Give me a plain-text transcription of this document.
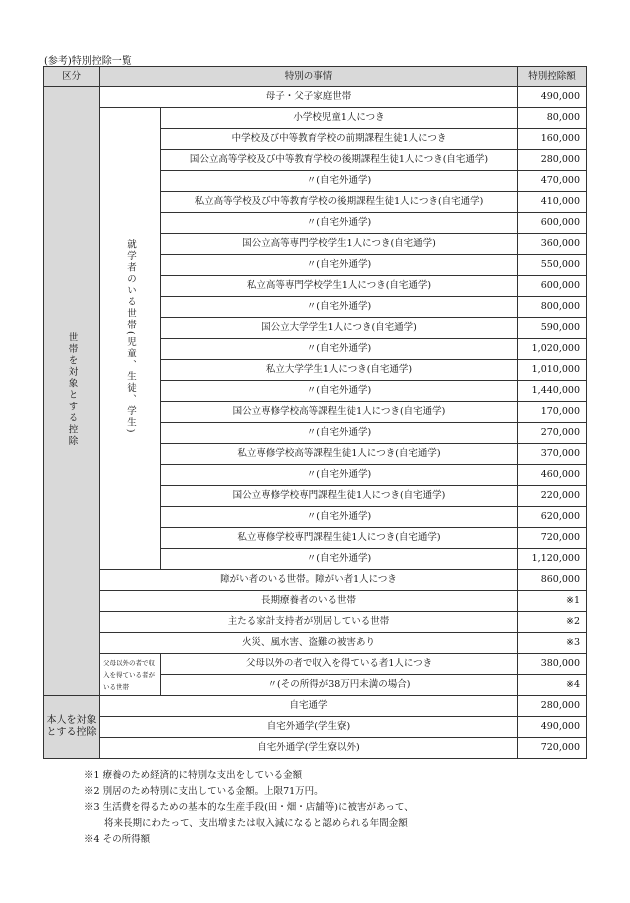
(参考)特別控除一覧
区分	特別の事情		特別控除額
世帯を対象とする控除	母子・父子家庭世帯		490,000
	就学者のいる世帯(児童、生徒、学生)	小学校児童1人につき	80,000
		中学校及び中等教育学校の前期課程生徒1人につき	160,000
		国公立高等学校及び中等教育学校の後期課程生徒1人につき(自宅通学)	280,000
		〃(自宅外通学)	470,000
		私立高等学校及び中等教育学校の後期課程生徒1人につき(自宅通学)	410,000
		〃(自宅外通学)	600,000
		国公立高等専門学校学生1人につき(自宅通学)	360,000
		〃(自宅外通学)	550,000
		私立高等専門学校学生1人につき(自宅通学)	600,000
		〃(自宅外通学)	800,000
		国公立大学学生1人につき(自宅通学)	590,000
		〃(自宅外通学)	1,020,000
		私立大学学生1人につき(自宅通学)	1,010,000
		〃(自宅外通学)	1,440,000
		国公立専修学校高等課程生徒1人につき(自宅通学)	170,000
		〃(自宅外通学)	270,000
		私立専修学校高等課程生徒1人につき(自宅通学)	370,000
		〃(自宅外通学)	460,000
		国公立専修学校専門課程生徒1人につき(自宅通学)	220,000
		〃(自宅外通学)	620,000
		私立専修学校専門課程生徒1人につき(自宅通学)	720,000
		〃(自宅外通学)	1,120,000
	障がい者のいる世帯。障がい者1人につき		860,000
	長期療養者のいる世帯		※1
	主たる家計支持者が別居している世帯		※2
	火災、風水害、盗難の被害あり		※3
	父母以外の者で収入を得ている者がいる世帯	父母以外の者で収入を得ている者1人につき	380,000
		〃(その所得が38万円未満の場合)	※4
本人を対象とする控除	自宅通学		280,000
	自宅外通学(学生寮)		490,000
	自宅外通学(学生寮以外)		720,000
※1 療養のため経済的に特別な支出をしている金額
※2 別居のため特別に支出している金額。上限71万円。
※3 生活費を得るための基本的な生産手段(田・畑・店舗等)に被害があって、
将来長期にわたって、支出増または収入減になると認められる年間金額
※4 その所得額
